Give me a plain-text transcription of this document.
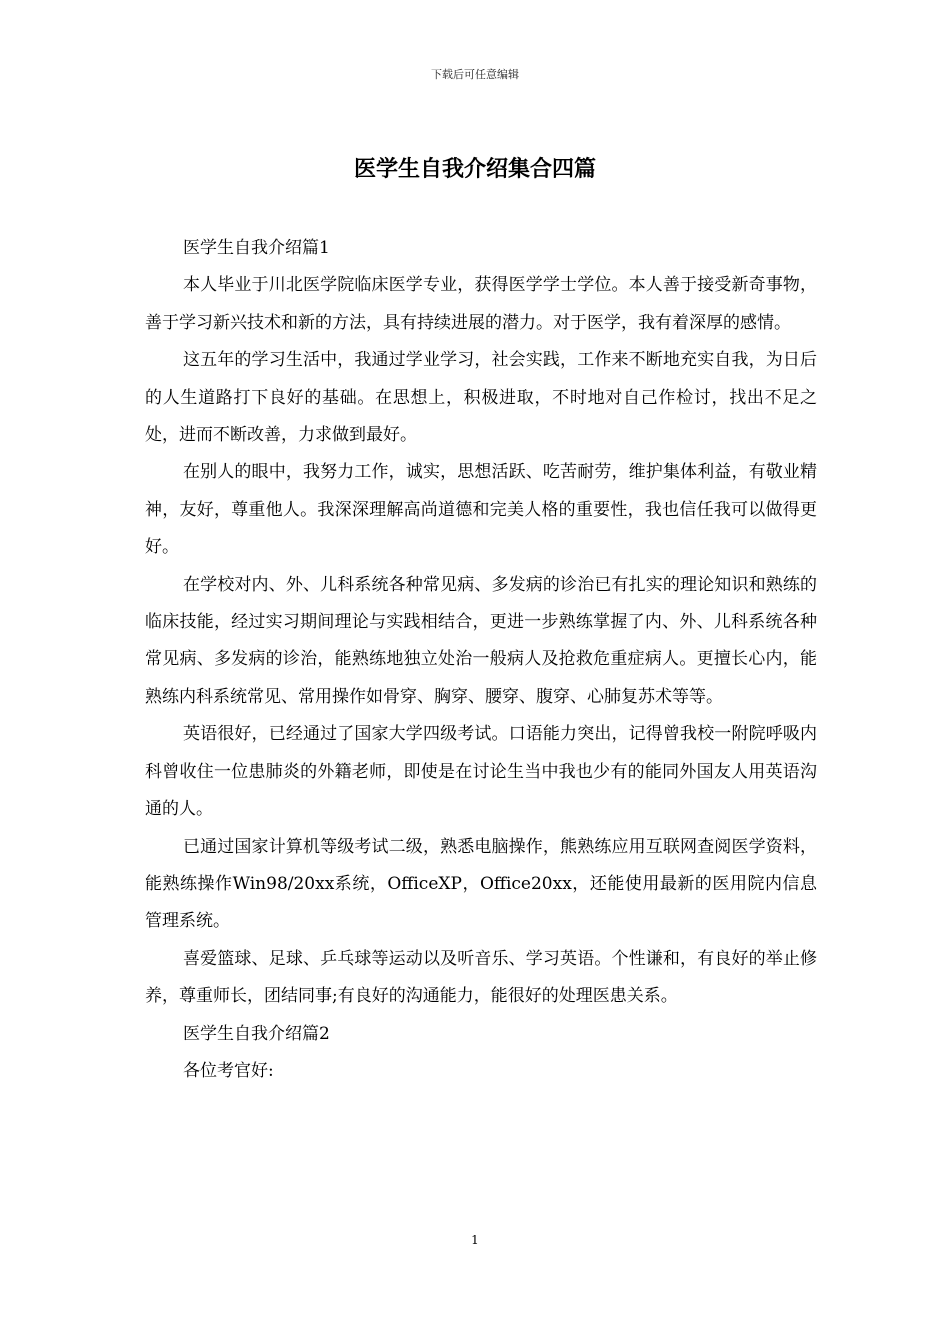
下载后可任意编辑
医学生自我介绍集合四篇

医学生自我介绍篇1

本人毕业于川北医学院临床医学专业，获得医学学士学位。本人善于接受新奇事物，善于学习新兴技术和新的方法，具有持续进展的潜力。对于医学，我有着深厚的感情。

这五年的学习生活中，我通过学业学习，社会实践，工作来不断地充实自我，为日后的人生道路打下良好的基础。在思想上，积极进取，不时地对自己作检讨，找出不足之处，进而不断改善，力求做到最好。

在别人的眼中，我努力工作，诚实，思想活跃、吃苦耐劳，维护集体利益，有敬业精神，友好，尊重他人。我深深理解高尚道德和完美人格的重要性，我也信任我可以做得更好。

在学校对内、外、儿科系统各种常见病、多发病的诊治已有扎实的理论知识和熟练的临床技能，经过实习期间理论与实践相结合，更进一步熟练掌握了内、外、儿科系统各种常见病、多发病的诊治，能熟练地独立处治一般病人及抢救危重症病人。更擅长心内，能熟练内科系统常见、常用操作如骨穿、胸穿、腰穿、腹穿、心肺复苏术等等。

英语很好，已经通过了国家大学四级考试。口语能力突出，记得曾我校一附院呼吸内科曾收住一位患肺炎的外籍老师，即使是在讨论生当中我也少有的能同外国友人用英语沟通的人。

已通过国家计算机等级考试二级，熟悉电脑操作，熊熟练应用互联网查阅医学资料，能熟练操作Win98/20xx系统，OfficeXP，Office20xx，还能使用最新的医用院内信息管理系统。

喜爱篮球、足球、乒乓球等运动以及听音乐、学习英语。个性谦和，有良好的举止修养，尊重师长，团结同事;有良好的沟通能力，能很好的处理医患关系。

医学生自我介绍篇2

各位考官好:

1
